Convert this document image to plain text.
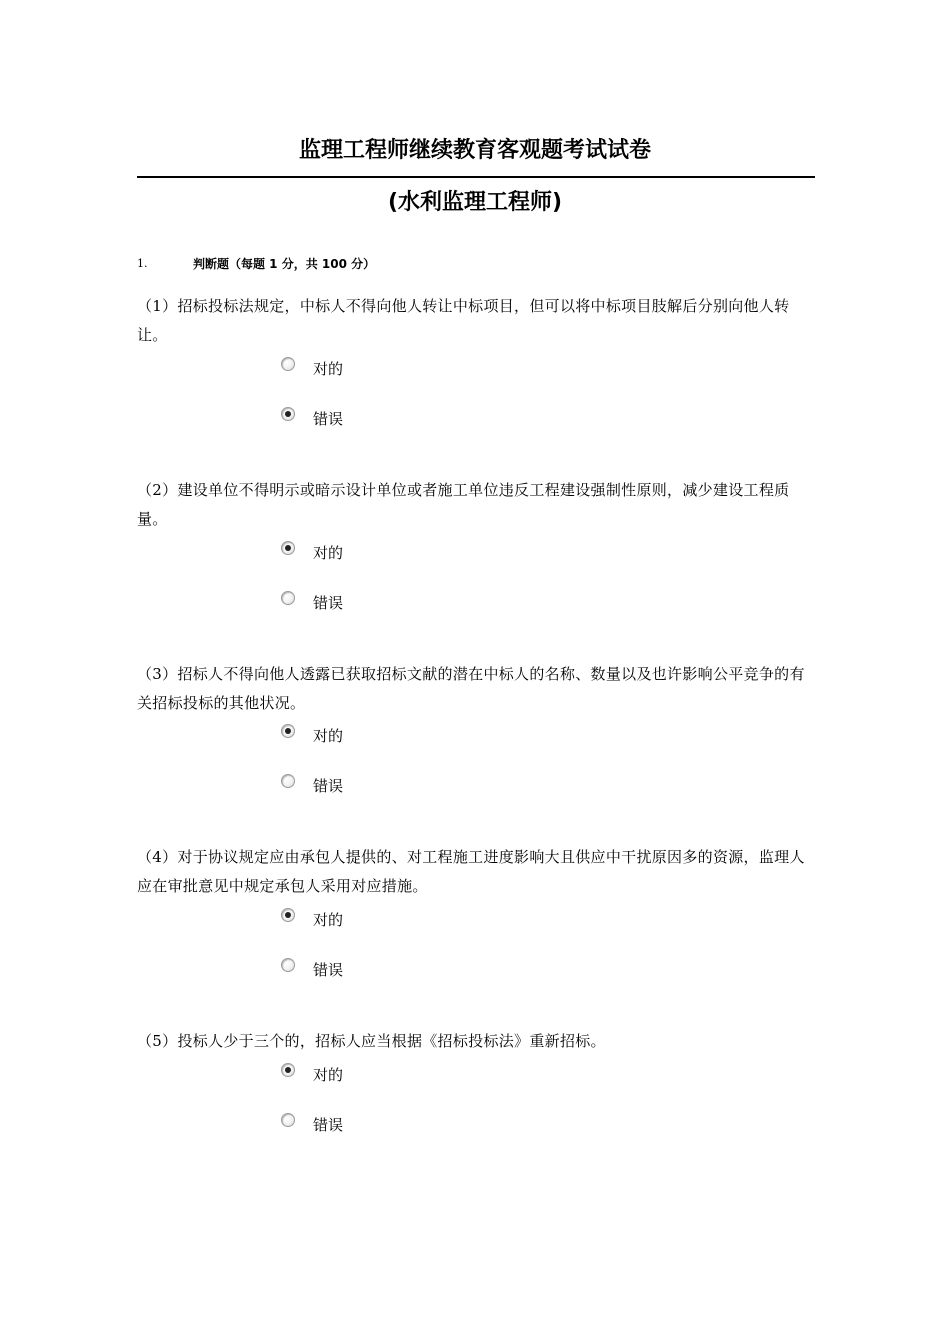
监理工程师继续教育客观题考试试卷
(水利监理工程师)
1.	判断题（每题 1 分，共 100 分）

（1）招标投标法规定，中标人不得向他人转让中标项目，但可以将中标项目肢解后分别向他人转让。

对的
错误

（2）建设单位不得明示或暗示设计单位或者施工单位违反工程建设强制性原则，减少建设工程质量。

对的
错误

（3）招标人不得向他人透露已获取招标文献的潜在中标人的名称、数量以及也许影响公平竞争的有关招标投标的其他状况。

对的
错误

（4）对于协议规定应由承包人提供的、对工程施工进度影响大且供应中干扰原因多的资源，监理人应在审批意见中规定承包人采用对应措施。

对的
错误

（5）投标人少于三个的，招标人应当根据《招标投标法》重新招标。

对的
错误
